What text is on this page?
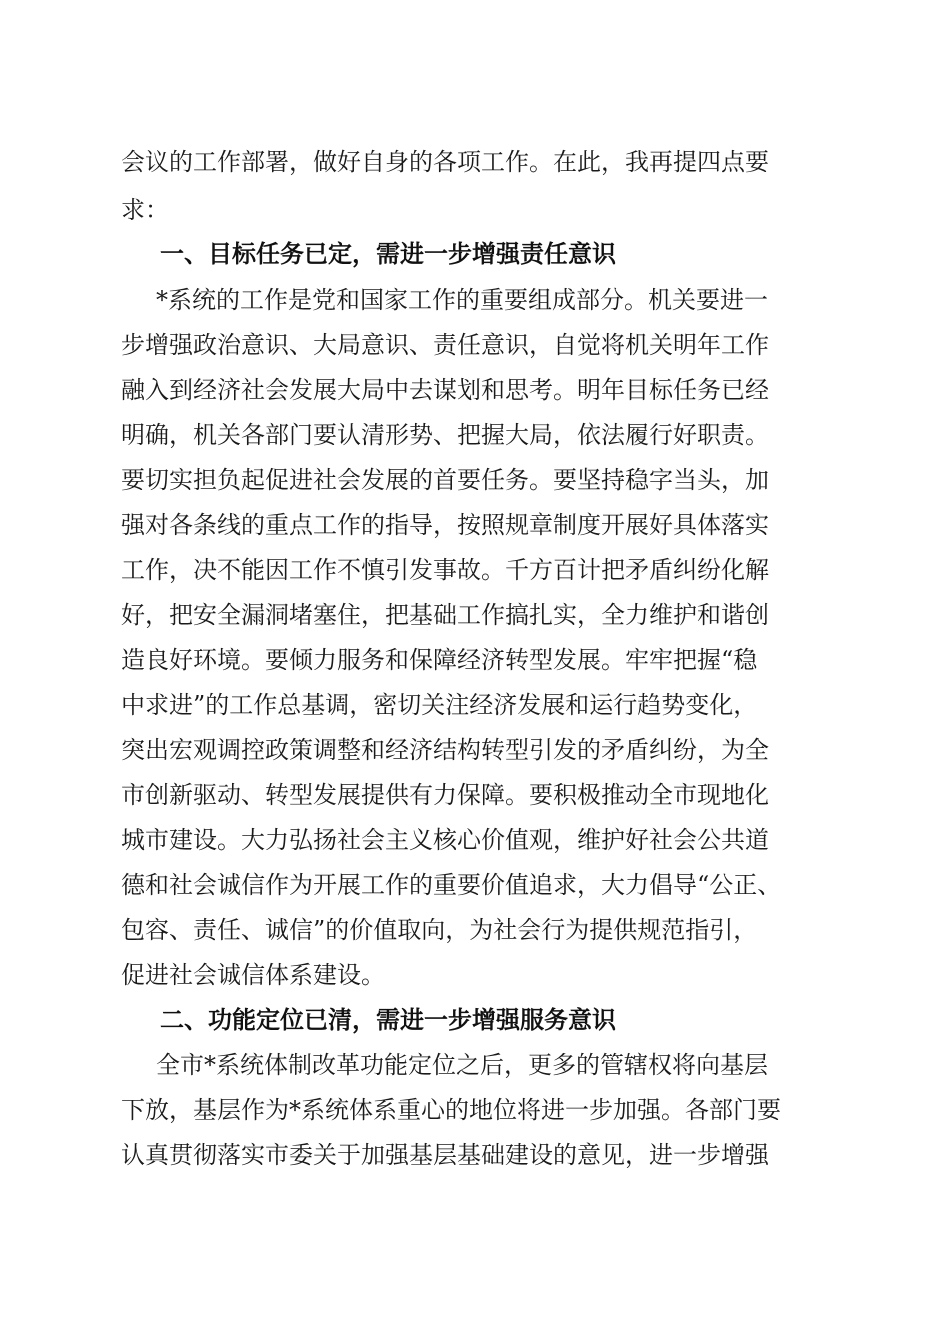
会议的工作部署，做好自身的各项工作。在此，我再提四点要

求：

一、目标任务已定，需进一步增强责任意识

*系统的工作是党和国家工作的重要组成部分。机关要进一

步增强政治意识、大局意识、责任意识，自觉将机关明年工作

融入到经济社会发展大局中去谋划和思考。明年目标任务已经

明确，机关各部门要认清形势、把握大局，依法履行好职责。

要切实担负起促进社会发展的首要任务。要坚持稳字当头，加

强对各条线的重点工作的指导，按照规章制度开展好具体落实

工作，决不能因工作不慎引发事故。千方百计把矛盾纠纷化解

好，把安全漏洞堵塞住，把基础工作搞扎实，全力维护和谐创

造良好环境。要倾力服务和保障经济转型发展。牢牢把握“稳

中求进”的工作总基调，密切关注经济发展和运行趋势变化，

突出宏观调控政策调整和经济结构转型引发的矛盾纠纷，为全

市创新驱动、转型发展提供有力保障。要积极推动全市现地化

城市建设。大力弘扬社会主义核心价值观，维护好社会公共道

德和社会诚信作为开展工作的重要价值追求，大力倡导“公正、

包容、责任、诚信”的价值取向，为社会行为提供规范指引，

促进社会诚信体系建设。

二、功能定位已清，需进一步增强服务意识

全市*系统体制改革功能定位之后，更多的管辖权将向基层

下放，基层作为*系统体系重心的地位将进一步加强。各部门要

认真贯彻落实市委关于加强基层基础建设的意见，进一步增强
